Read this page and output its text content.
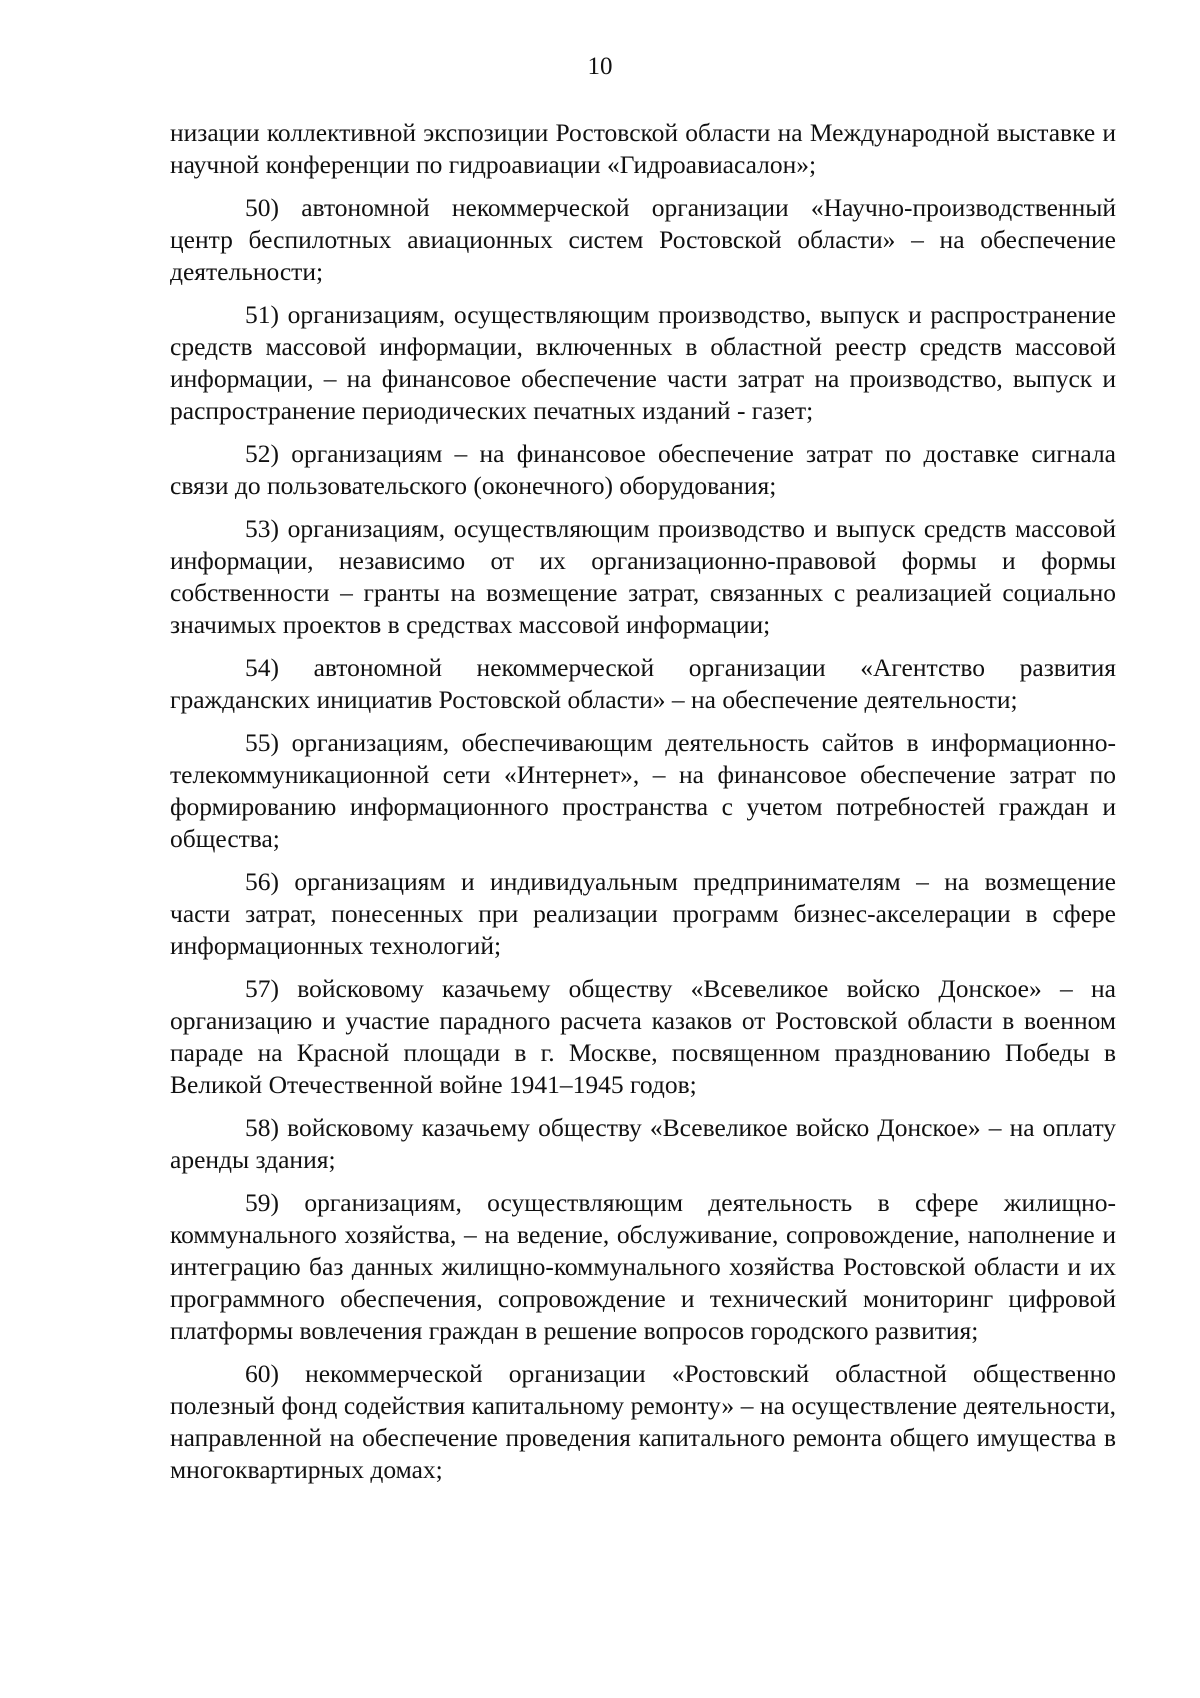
10

низации коллективной экспозиции Ростовской области на Международной выставке и научной конференции по гидроавиации «Гидроавиасалон»;

50) автономной некоммерческой организации «Научно-производственный центр беспилотных авиационных систем Ростовской области» – на обеспечение деятельности;

51) организациям, осуществляющим производство, выпуск и распространение средств массовой информации, включенных в областной реестр средств массовой информации, – на финансовое обеспечение части затрат на производство, выпуск и распространение периодических печатных изданий - газет;

52) организациям – на финансовое обеспечение затрат по доставке сигнала связи до пользовательского (оконечного) оборудования;

53) организациям, осуществляющим производство и выпуск средств массовой информации, независимо от их организационно-правовой формы и формы собственности – гранты на возмещение затрат, связанных с реализацией социально значимых проектов в средствах массовой информации;

54) автономной некоммерческой организации «Агентство развития гражданских инициатив Ростовской области» – на обеспечение деятельности;

55) организациям, обеспечивающим деятельность сайтов в информационно-телекоммуникационной сети «Интернет», – на финансовое обеспечение затрат по формированию информационного пространства с учетом потребностей граждан и общества;

56) организациям и индивидуальным предпринимателям – на возмещение части затрат, понесенных при реализации программ бизнес-акселерации в сфере информационных технологий;

57) войсковому казачьему обществу «Всевеликое войско Донское» – на организацию и участие парадного расчета казаков от Ростовской области в военном параде на Красной площади в г. Москве, посвященном празднованию Победы в Великой Отечественной войне 1941–1945 годов;

58) войсковому казачьему обществу «Всевеликое войско Донское» – на оплату аренды здания;

59) организациям, осуществляющим деятельность в сфере жилищно-коммунального хозяйства, – на ведение, обслуживание, сопровождение, наполнение и интеграцию баз данных жилищно-коммунального хозяйства Ростовской области и их программного обеспечения, сопровождение и технический мониторинг цифровой платформы вовлечения граждан в решение вопросов городского развития;

60) некоммерческой организации «Ростовский областной общественно полезный фонд содействия капитальному ремонту» – на осуществление деятельности, направленной на обеспечение проведения капитального ремонта общего имущества в многоквартирных домах;
